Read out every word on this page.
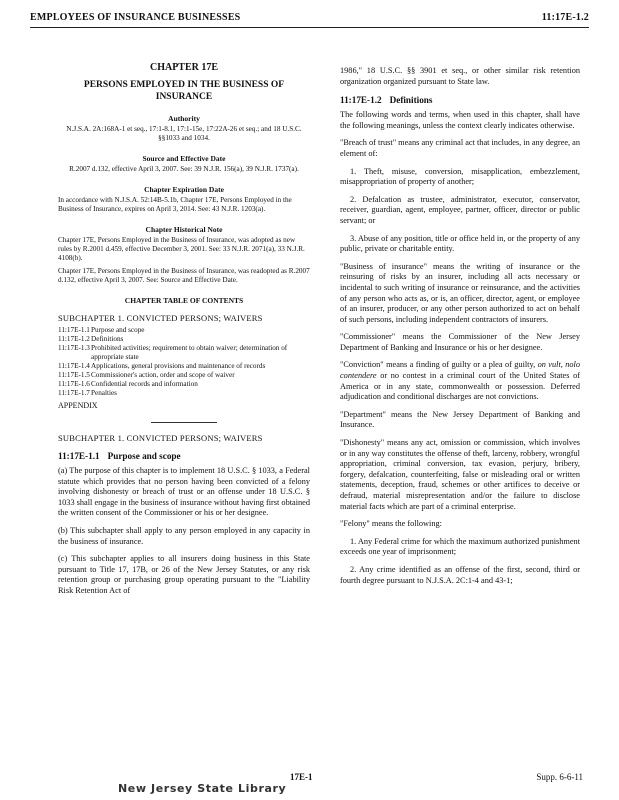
EMPLOYEES OF INSURANCE BUSINESSES	11:17E-1.2

CHAPTER 17E

PERSONS EMPLOYED IN THE BUSINESS OF INSURANCE

Authority

N.J.S.A. 2A:168A-1 et seq., 17:1-8.1, 17:1-15e, 17:22A-26 et seq.; and 18 U.S.C. §§1033 and 1034.

Source and Effective Date

R.2007 d.132, effective April 3, 2007. See: 39 N.J.R. 156(a), 39 N.J.R. 1737(a).

Chapter Expiration Date

In accordance with N.J.S.A. 52:14B-5.1b, Chapter 17E, Persons Employed in the Business of Insurance, expires on April 3, 2014. See: 43 N.J.R. 1203(a).

Chapter Historical Note

Chapter 17E, Persons Employed in the Business of Insurance, was adopted as new rules by R.2001 d.459, effective December 3, 2001. See: 33 N.J.R. 2071(a), 33 N.J.R. 4108(b).

Chapter 17E, Persons Employed in the Business of Insurance, was readopted as R.2007 d.132, effective April 3, 2007. See: Source and Effective Date.

CHAPTER TABLE OF CONTENTS

SUBCHAPTER 1. CONVICTED PERSONS; WAIVERS

11:17E-1.1 Purpose and scope
11:17E-1.2 Definitions
11:17E-1.3 Prohibited activities; requirement to obtain waiver; determination of appropriate state
11:17E-1.4 Applications, general provisions and maintenance of records
11:17E-1.5 Commissioner's action, order and scope of waiver
11:17E-1.6 Confidential records and information
11:17E-1.7 Penalties

APPENDIX

SUBCHAPTER 1. CONVICTED PERSONS; WAIVERS

11:17E-1.1 Purpose and scope

(a) The purpose of this chapter is to implement 18 U.S.C. § 1033, a Federal statute which provides that no person having been convicted of a felony involving dishonesty or breach of trust or an offense under 18 U.S.C. § 1033 shall engage in the business of insurance without having first obtained the written consent of the Commissioner or his or her designee.

(b) This subchapter shall apply to any person employed in any capacity in the business of insurance.

(c) This subchapter applies to all insurers doing business in this State pursuant to Title 17, 17B, or 26 of the New Jersey Statutes, or any risk retention group or purchasing group operating pursuant to the "Liability Risk Retention Act of

1986," 18 U.S.C. §§ 3901 et seq., or other similar risk retention organization organized pursuant to State law.

11:17E-1.2 Definitions

The following words and terms, when used in this chapter, shall have the following meanings, unless the context clearly indicates otherwise.

"Breach of trust" means any criminal act that includes, in any degree, an element of:

1. Theft, misuse, conversion, misapplication, embezzlement, misappropriation of property of another;

2. Defalcation as trustee, administrator, executor, conservator, receiver, guardian, agent, employee, partner, officer, director or public servant; or

3. Abuse of any position, title or office held in, or the property of any public, private or charitable entity.

"Business of insurance" means the writing of insurance or the reinsuring of risks by an insurer, including all acts necessary or incidental to such writing of insurance or reinsurance, and the activities of any person who acts as, or is, an officer, director, agent, or employee of an insurer, producer, or any other person authorized to act on behalf of such persons, including independent contractors of insurers.

"Commissioner" means the Commissioner of the New Jersey Department of Banking and Insurance or his or her designee.

"Conviction" means a finding of guilty or a plea of guilty, on vult, nolo contendere or no contest in a criminal court of the United States of America or in any state, commonwealth or possession. Deferred adjudication and conditional discharges are not convictions.

"Department" means the New Jersey Department of Banking and Insurance.

"Dishonesty" means any act, omission or commission, which involves or in any way constitutes the offense of theft, larceny, robbery, wrongful appropriation, criminal conversion, tax evasion, perjury, bribery, forgery, defalcation, counterfeiting, false or misleading oral or written statements, deception, fraud, schemes or other artifices to deceive or defraud, material misrepresentation and/or the failure to disclose material facts which are part of a criminal enterprise.

"Felony" means the following:

1. Any Federal crime for which the maximum authorized punishment exceeds one year of imprisonment;

2. Any crime identified as an offense of the first, second, third or fourth degree pursuant to N.J.S.A. 2C:1-4 and 43-1;

17E-1	Supp. 6-6-11
New Jersey State Library
